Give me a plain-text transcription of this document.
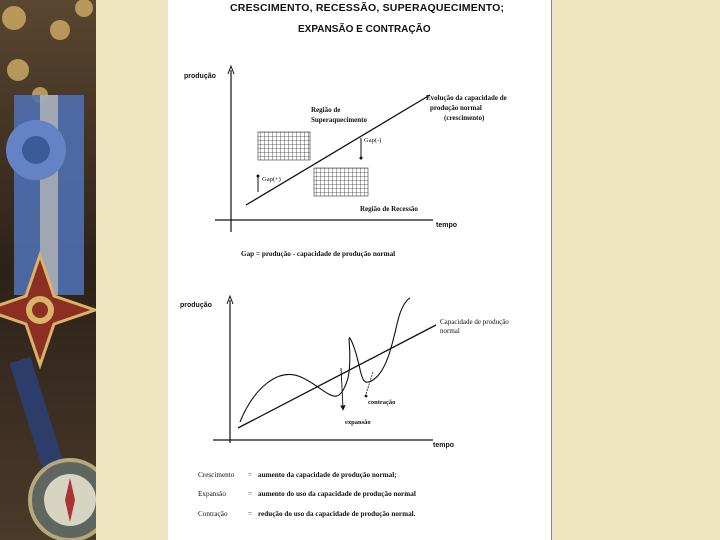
CRESCIMENTO, RECESSÃO, SUPERAQUECIMENTO;
EXPANSÃO E CONTRAÇÃO
produção
tempo
Evolução da capacidade de
produção normal
(crescimento)
Região de
Superaquecimento
Região de Recessão
Gap(-)
Gap(+)
Gap = produção - capacidade de produção normal
produção
tempo
Capacidade de produção
normal
contração
expansão
Crescimento = aumento da capacidade de produção normal;
Expansão	= aumento do uso da capacidade de produção normal
Contração	= redução do uso da capacidade de produção normal.
